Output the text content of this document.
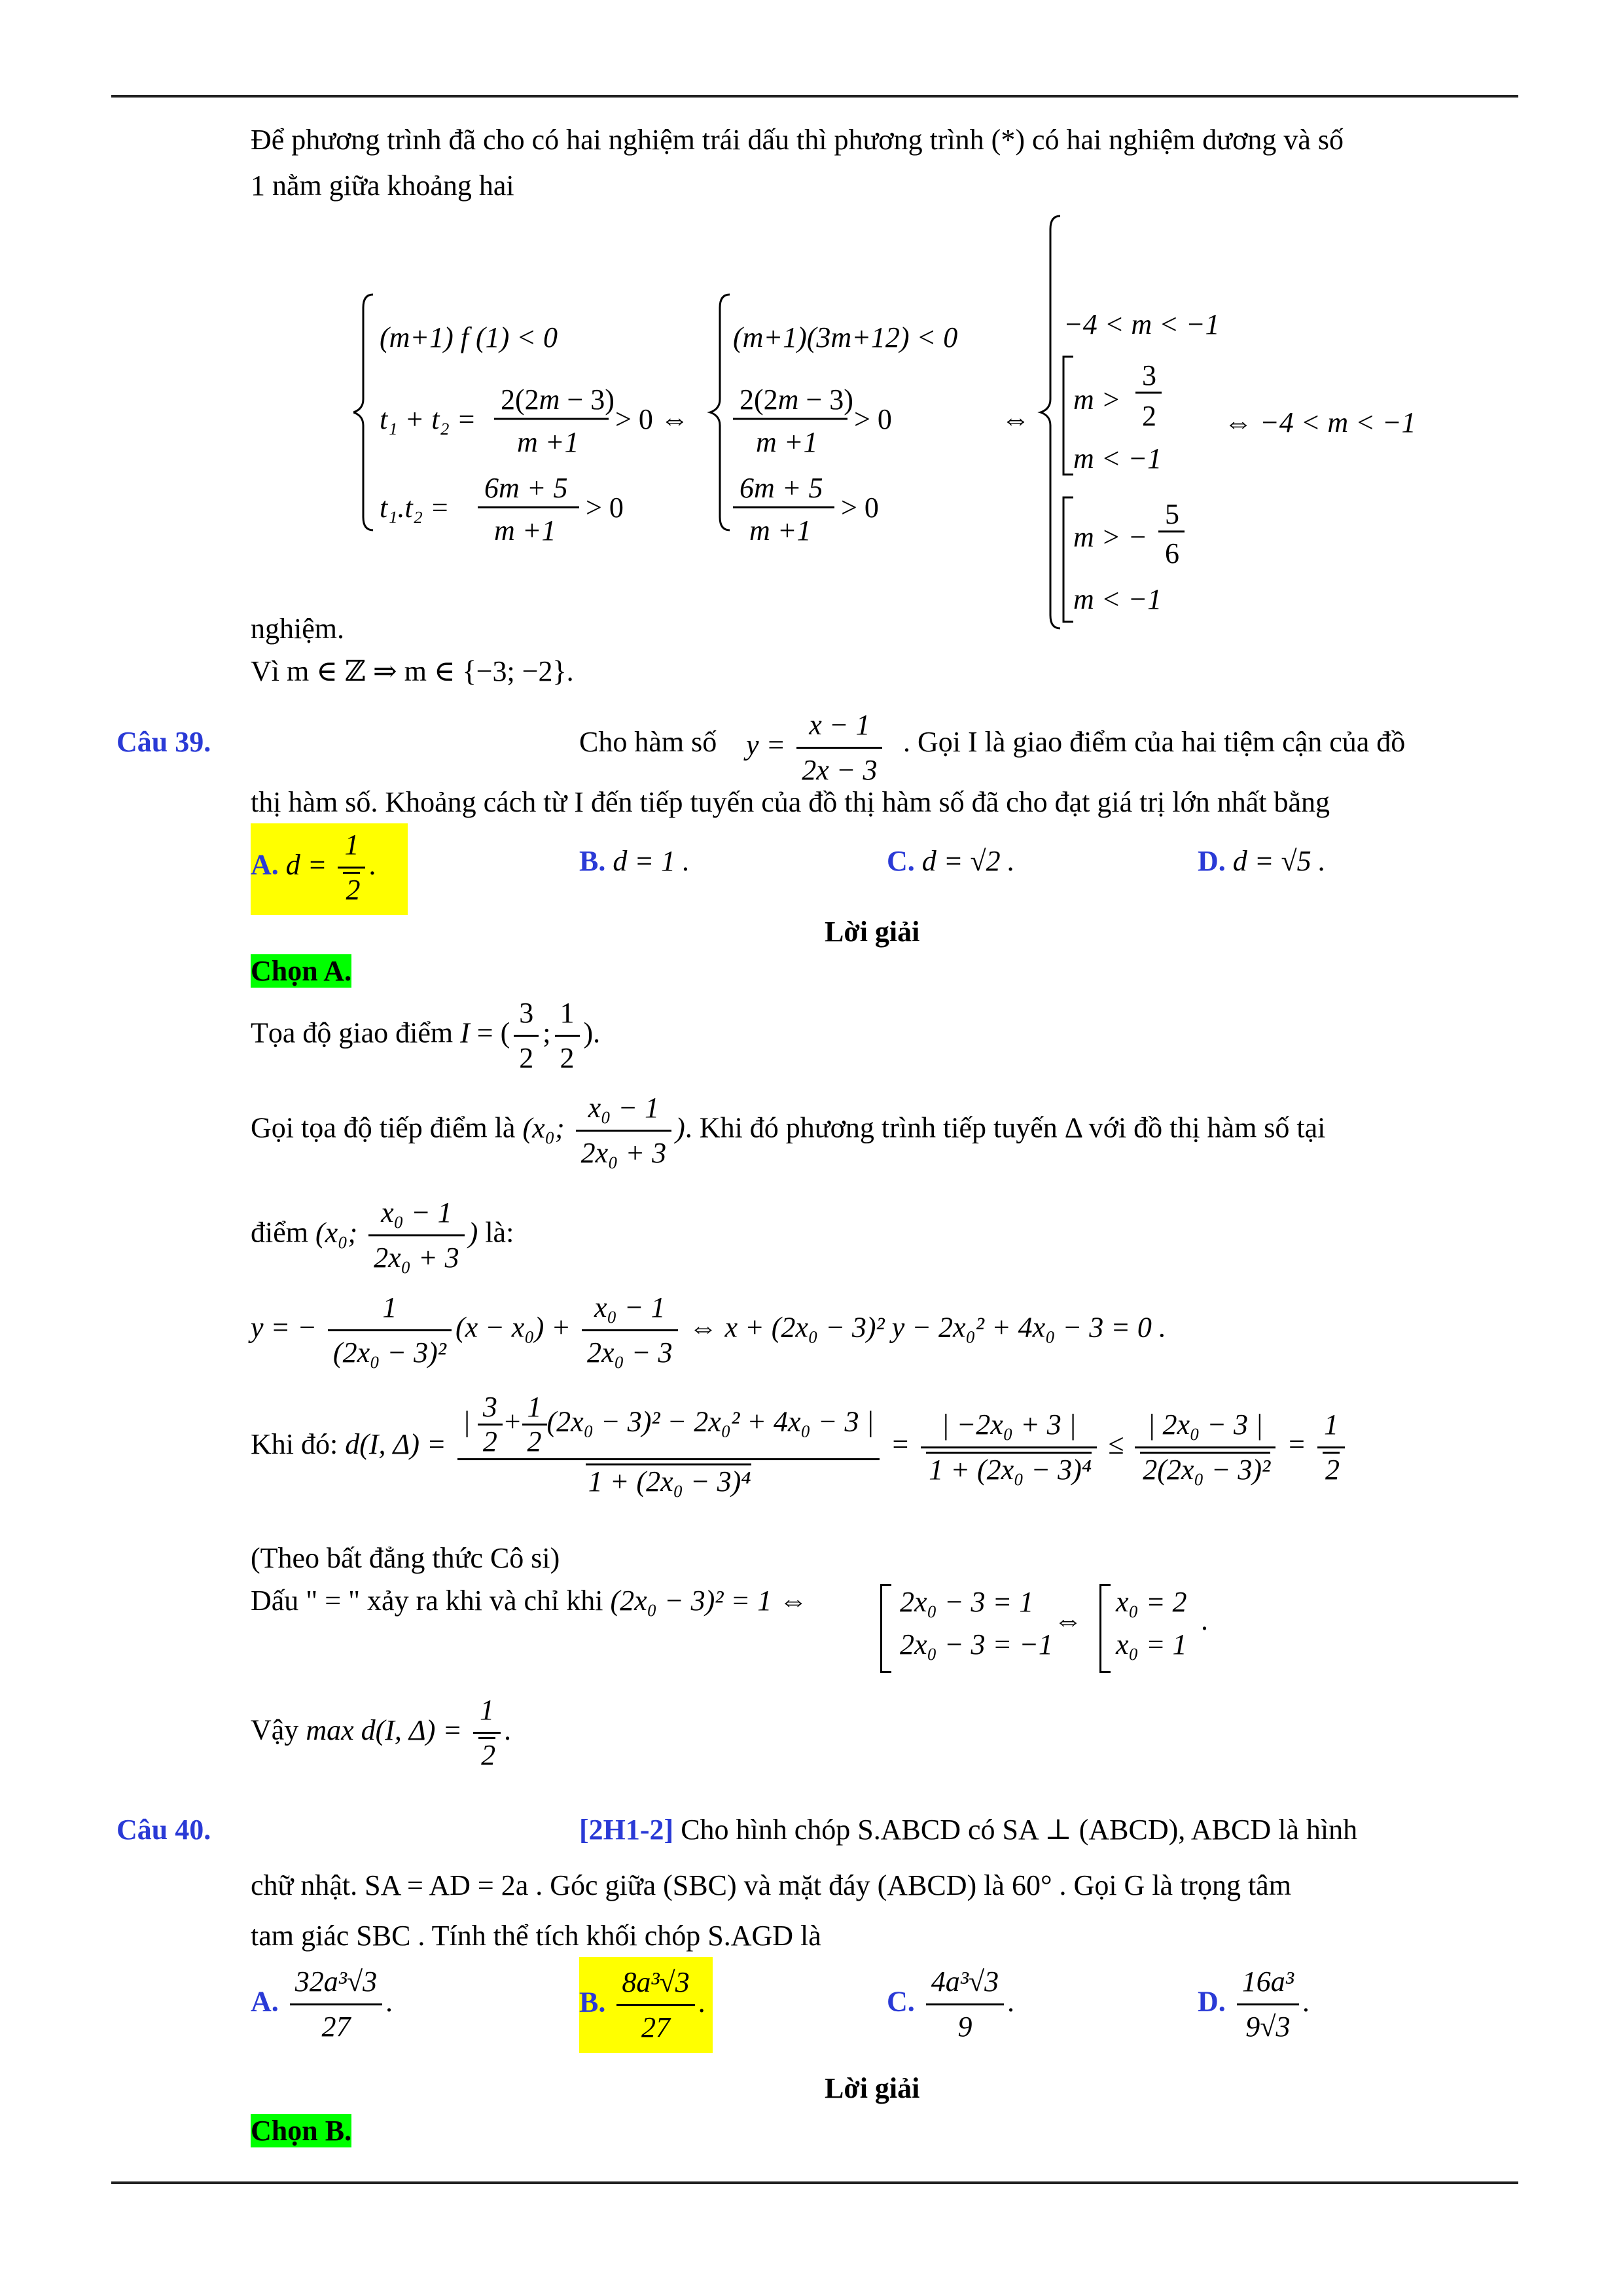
Để phương trình đã cho có hai nghiệm trái dấu thì phương trình (*) có hai nghiệm dương và số
1 nằm giữa khoảng hai
(m+1) f (1) < 0
t₁ + t₂ =
2(2m − 3)
m +1
> 0 ⇔
t₁.t₂ =
6m + 5
m +1
> 0
(m+1)(3m+12) < 0
2(2m − 3)
m +1
> 0
6m + 5
m +1
> 0
⇔
−4 < m < −1
m >
3
2
m < −1
m > −
5
6
m < −1
⇔ −4 < m < −1
nghiệm.
Vì m ∈ ℤ ⇒ m ∈ {−3; −2}.
Câu 39.	Cho hàm số $y = \frac{x - 1}{2x - 3}$ . Gọi I là giao điểm của hai tiệm cận của đồ
thị hàm số. Khoảng cách từ I đến tiếp tuyến của đồ thị hàm số đã cho đạt giá trị lớn nhất bằng
A. $d = \frac{1}{2}$ .	B. d = 1 .	C. d = √2 .	D. d = √5 .
Lời giải
Chọn A.
Tọa độ giao điểm I = ( $\frac{3}{2}$ ; $\frac{1}{2}$ ).
Gọi tọa độ tiếp điểm là (x₀; $\frac{\text{x₀ − 1}}{\text{2x₀ + 3}}$ ). Khi đó phương trình tiếp tuyến Δ với đồ thị hàm số tại
điểm (x₀; $\frac{\text{x₀ − 1}}{\text{2x₀ + 3}}$ ) là:
y = − $\frac{1}{\text{(2x₀ − 3)²}} (x - x_0) + \frac{\text{x₀ − 1}}{\text{2x₀ − 3}}$ ⇔ x + (2x₀ − 3)² y − 2x₀² + 4x₀ − 3 = 0 .
Khi đó: d(I, $\Delta) = \frac{| \frac{3}{2} + \frac{1}{2} (2x_0 - 3)^2 - 2x_0^2 + 4x_0 - 3 |}{\text{1 + (2x₀ − 3)⁴}} = \frac{\text{| −2x₀ + 3 |}}{\text{1 + (2x₀ − 3)⁴}} \le \frac{\text{| 2x₀ − 3 |}}{\text{2(2x₀ − 3)²}} = \frac{1}{2}$
(Theo bất đẳng thức Cô si)
Dấu " = " xảy ra khi và chỉ khi (2x₀ − 3)² = 1 ⇔	2x₀ − 3 = 1
2x₀ − 3 = −1
⇔
x₀ = 2
x₀ = 1
.
Vậy max d(I, $\Delta) = \frac{1}{2}$ .
Câu 40.	[2H1-2] Cho hình chóp S.ABCD có SA ⊥ (ABCD), ABCD là hình
chữ nhật. SA = AD = 2a . Góc giữa (SBC) và mặt đáy (ABCD) là 60° . Gọi G là trọng tâm
tam giác SBC . Tính thể tích khối chóp S.AGD là
A. $\frac{\text{32a³√3}}{27}$ .	B. $\frac{\text{8a³√3}}{27}$ .	C. $\frac{\text{4a³√3}}{9}$ .	D. $\frac{\text{16a³}}{9√3}$ .
Lời giải
Chọn B.
